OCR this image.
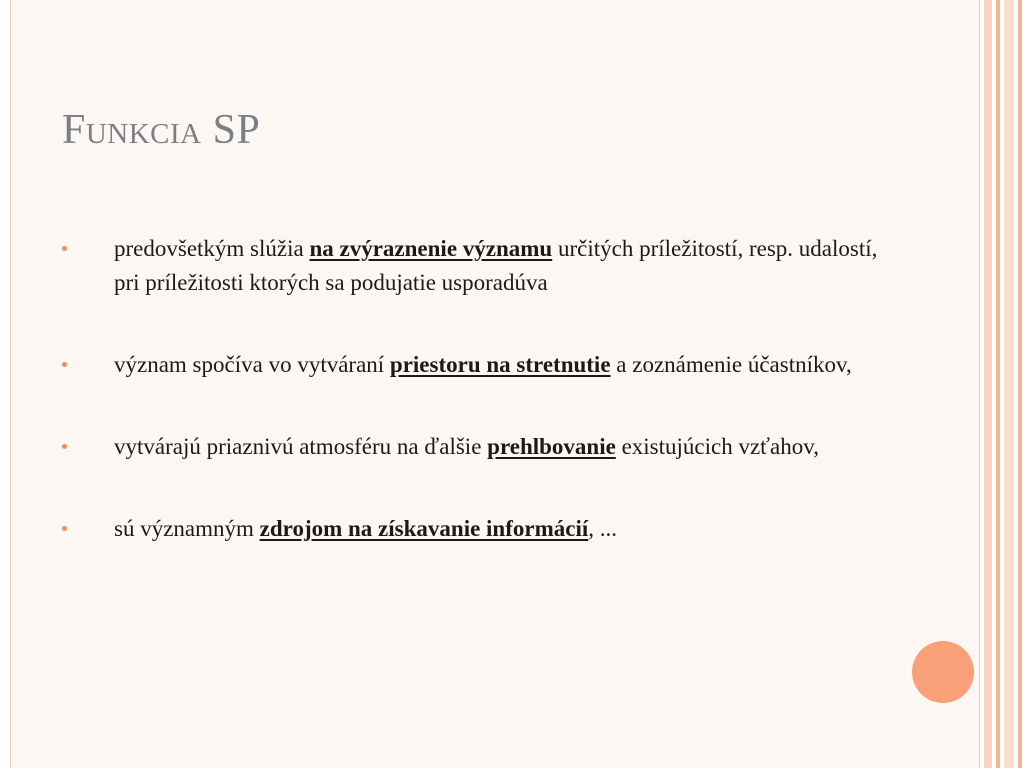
Funkcia SP
predovšetkým slúžia na zvýraznenie významu určitých príležitostí, resp. udalostí, pri príležitosti ktorých sa podujatie usporadúva
význam spočíva vo vytváraní priestoru na stretnutie a zoznámenie účastníkov,
vytvárajú priaznivú atmosféru na ďalšie prehlbovanie existujúcich vzťahov,
sú významným zdrojom na získavanie informácií, ...
